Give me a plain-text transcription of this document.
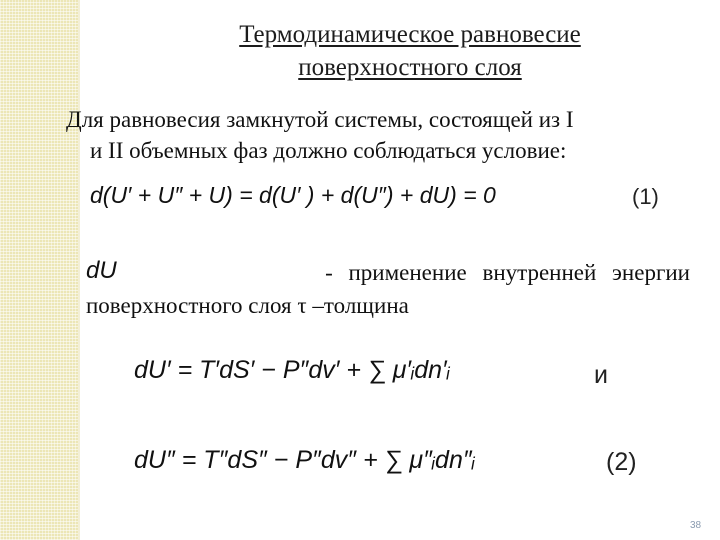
Термодинамическое равновесие
поверхностного слоя
Для равновесия замкнутой системы, состоящей из I
и II объемных фаз должно соблюдаться условие:
d(U′ + U″ + U) = d(U′ ) + d(U″) + dU) = 0	(1)
dU	- применение внутренней энергии
поверхностного слоя τ –толщина
dU′ = T′dS′ − P″dv′ + ∑ μ′ᵢdn′ᵢ	и
dU″ = T″dS″ − P″dv″ + ∑ μ″ᵢdn″ᵢ	(2)
38
